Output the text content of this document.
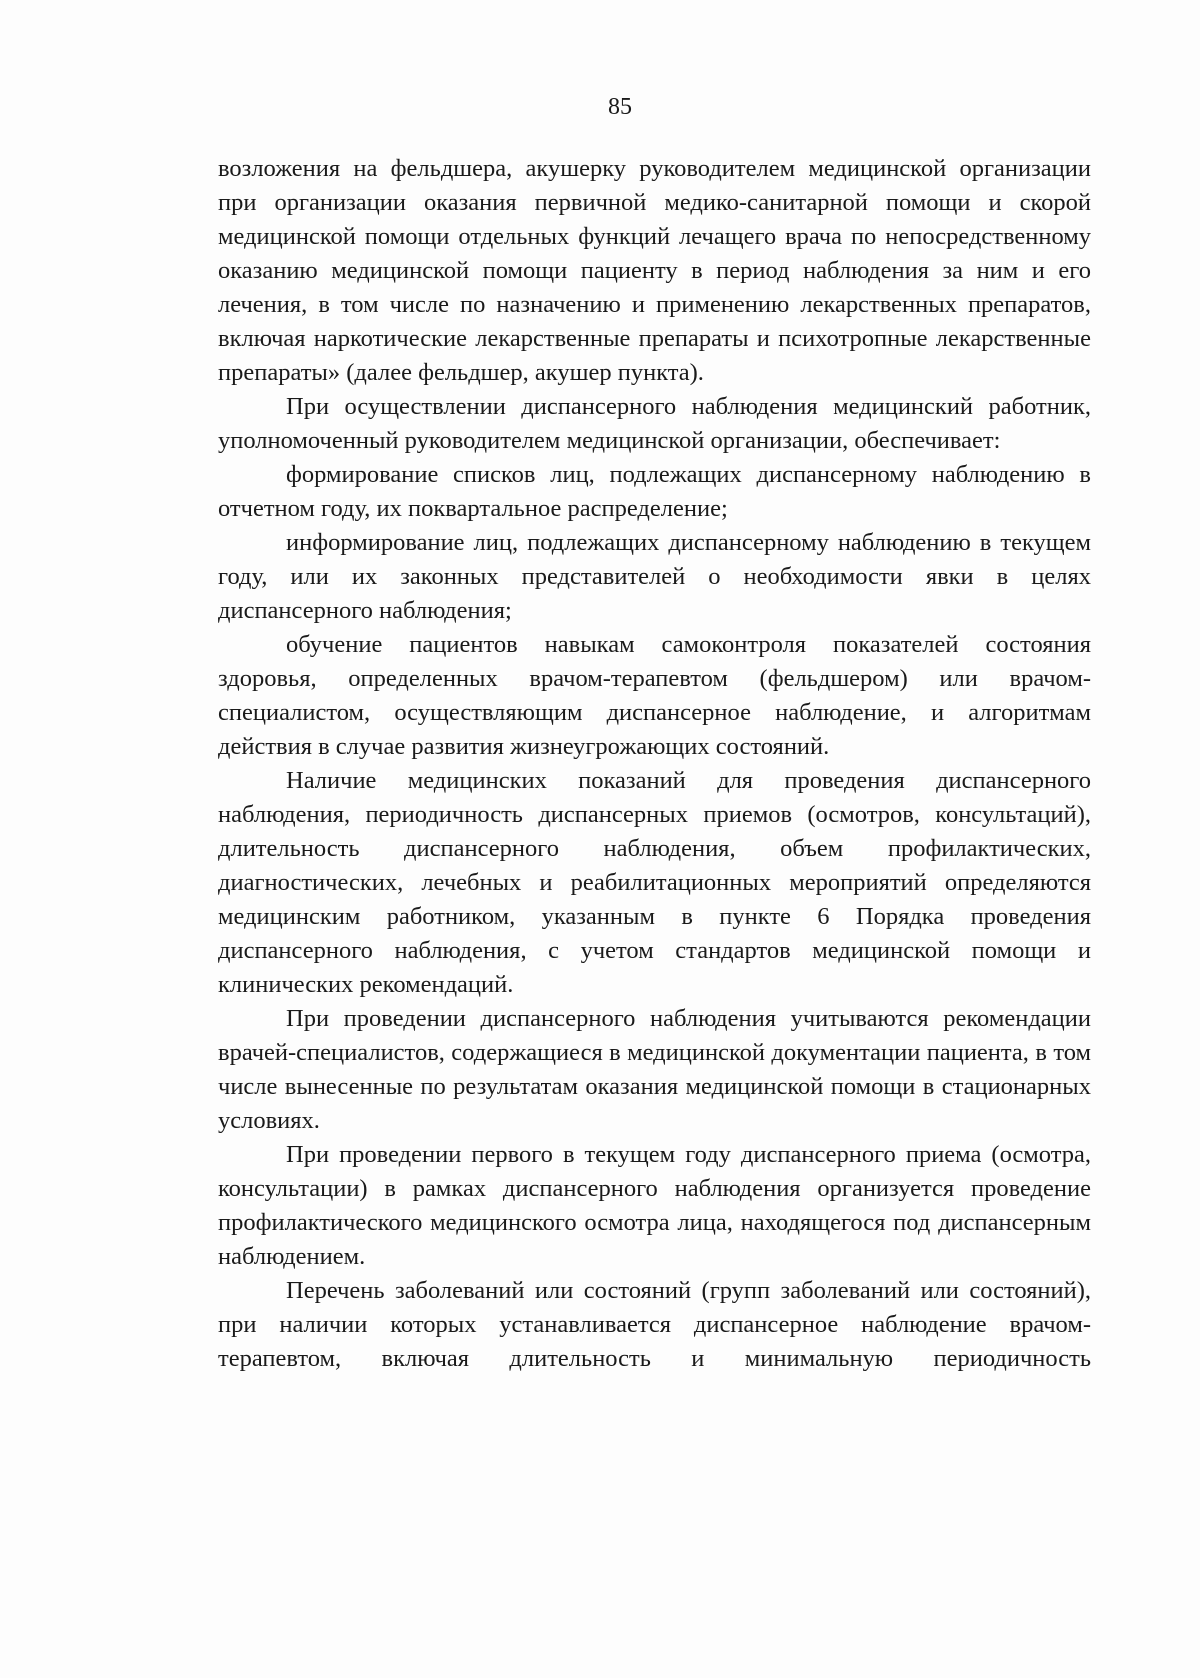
85

возложения на фельдшера, акушерку руководителем медицинской организации при организации оказания первичной медико-санитарной помощи и скорой медицинской помощи отдельных функций лечащего врача по непосредственному оказанию медицинской помощи пациенту в период наблюдения за ним и его лечения, в том числе по назначению и применению лекарственных препаратов, включая наркотические лекарственные препараты и психотропные лекарственные препараты» (далее фельдшер, акушер пункта).

При осуществлении диспансерного наблюдения медицинский работник, уполномоченный руководителем медицинской организации, обеспечивает:

формирование списков лиц, подлежащих диспансерному наблюдению в отчетном году, их поквартальное распределение;

информирование лиц, подлежащих диспансерному наблюдению в текущем году, или их законных представителей о необходимости явки в целях диспансерного наблюдения;

обучение пациентов навыкам самоконтроля показателей состояния здоровья, определенных врачом-терапевтом (фельдшером) или врачом-специалистом, осуществляющим диспансерное наблюдение, и алгоритмам действия в случае развития жизнеугрожающих состояний.

Наличие медицинских показаний для проведения диспансерного наблюдения, периодичность диспансерных приемов (осмотров, консультаций), длительность диспансерного наблюдения, объем профилактических, диагностических, лечебных и реабилитационных мероприятий определяются медицинским работником, указанным в пункте 6 Порядка проведения диспансерного наблюдения, с учетом стандартов медицинской помощи и клинических рекомендаций.

При проведении диспансерного наблюдения учитываются рекомендации врачей-специалистов, содержащиеся в медицинской документации пациента, в том числе вынесенные по результатам оказания медицинской помощи в стационарных условиях.

При проведении первого в текущем году диспансерного приема (осмотра, консультации) в рамках диспансерного наблюдения организуется проведение профилактического медицинского осмотра лица, находящегося под диспансерным наблюдением.

Перечень заболеваний или состояний (групп заболеваний или состояний), при наличии которых устанавливается диспансерное наблюдение врачом-терапевтом, включая длительность и минимальную периодичность
